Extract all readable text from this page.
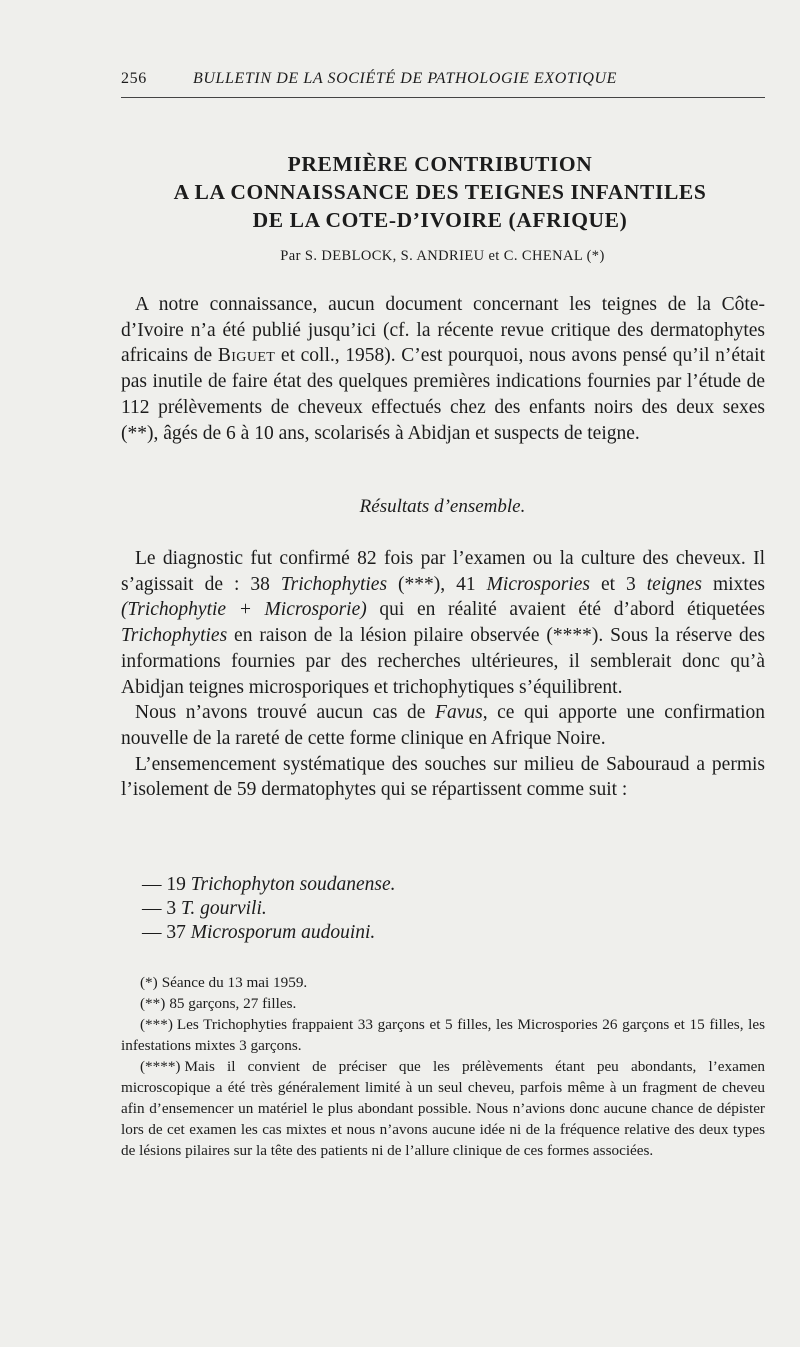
256	BULLETIN DE LA SOCIÉTÉ DE PATHOLOGIE EXOTIQUE
PREMIÈRE CONTRIBUTION
A LA CONNAISSANCE DES TEIGNES INFANTILES
DE LA COTE-D’IVOIRE (AFRIQUE)
Par S. DEBLOCK, S. ANDRIEU et C. CHENAL (*)

A notre connaissance, aucun document concernant les teignes de la Côte-d’Ivoire n’a été publié jusqu’ici (cf. la récente revue critique des dermatophytes africains de Biguet et coll., 1958). C’est pourquoi, nous avons pensé qu’il n’était pas inutile de faire état des quelques premières indications fournies par l’étude de 112 prélèvements de cheveux effectués chez des enfants noirs des deux sexes (**), âgés de 6 à 10 ans, scolarisés à Abidjan et suspects de teigne.

Résultats d’ensemble.

Le diagnostic fut confirmé 82 fois par l’examen ou la culture des cheveux. Il s’agissait de : 38 Trichophyties (***), 41 Microspories et 3 teignes mixtes (Trichophytie + Microsporie) qui en réalité avaient été d’abord étiquetées Trichophyties en raison de la lésion pilaire observée (****). Sous la réserve des informations fournies par des recherches ultérieures, il semblerait donc qu’à Abidjan teignes microsporiques et trichophytiques s’équilibrent.

Nous n’avons trouvé aucun cas de Favus, ce qui apporte une confirmation nouvelle de la rareté de cette forme clinique en Afrique Noire.

L’ensemencement systématique des souches sur milieu de Sabouraud a permis l’isolement de 59 dermatophytes qui se répartissent comme suit :

— 19 Trichophyton soudanense.
— 3 T. gourvili.
— 37 Microsporum audouini.

(*) Séance du 13 mai 1959.

(**) 85 garçons, 27 filles.

(***) Les Trichophyties frappaient 33 garçons et 5 filles, les Microspories 26 garçons et 15 filles, les infestations mixtes 3 garçons.

(****) Mais il convient de préciser que les prélèvements étant peu abondants, l’examen microscopique a été très généralement limité à un seul cheveu, parfois même à un fragment de cheveu afin d’ensemencer un matériel le plus abondant possible. Nous n’avions donc aucune chance de dépister lors de cet examen les cas mixtes et nous n’avons aucune idée ni de la fréquence relative des deux types de lésions pilaires sur la tête des patients ni de l’allure clinique de ces formes associées.
